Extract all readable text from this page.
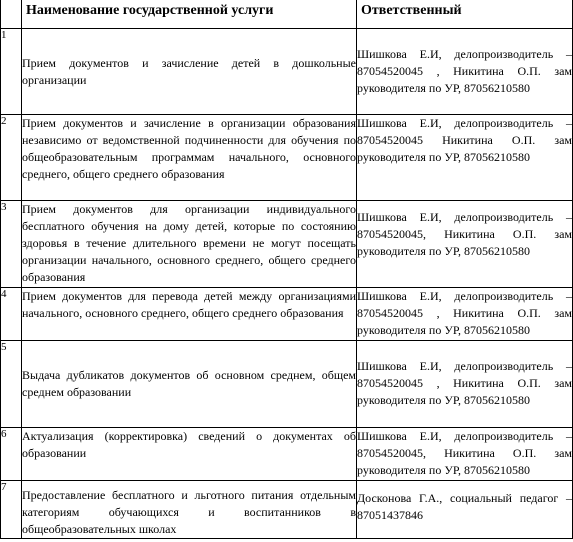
	Наименование государственной услуги	Ответственный
1	Прием документов и зачисление детей в дошкольные организации	Шишкова Е.И, делопроизводитель – 87054520045 , Никитина О.П. зам руководителя по УР, 87056210580

2	Прием документов и зачисление в организации образования независимо от ведомственной подчиненности для обучения по общеобразовательным программам начального, основного среднего, общего среднего образования	Шишкова Е.И, делопроизводитель – 87054520045 Никитина О.П. зам руководителя по УР, 87056210580

3	Прием документов для организации индивидуального бесплатного обучения на дому детей, которые по состоянию здоровья в течение длительного времени не могут посещать организации начального, основного среднего, общего среднего образования	Шишкова Е.И, делопроизводитель – 87054520045, Никитина О.П. зам руководителя по УР, 87056210580

4	Прием документов для перевода детей между организациями начального, основного среднего, общего среднего образования	Шишкова Е.И, делопроизводитель – 87054520045 , Никитина О.П. зам руководителя по УР, 87056210580

5	Выдача дубликатов документов об основном среднем, общем среднем образовании	Шишкова Е.И, делопроизводитель – 87054520045 , Никитина О.П. зам руководителя по УР, 87056210580

6	Актуализация (корректировка) сведений о документах об образовании	Шишкова Е.И, делопроизводитель – 87054520045, Никитина О.П. зам руководителя по УР, 87056210580

7	Предоставление бесплатного и льготного питания отдельным категориям обучающихся и воспитанников в общеобразовательных школах	Досконова Г.А., социальный педагог – 87051437846
